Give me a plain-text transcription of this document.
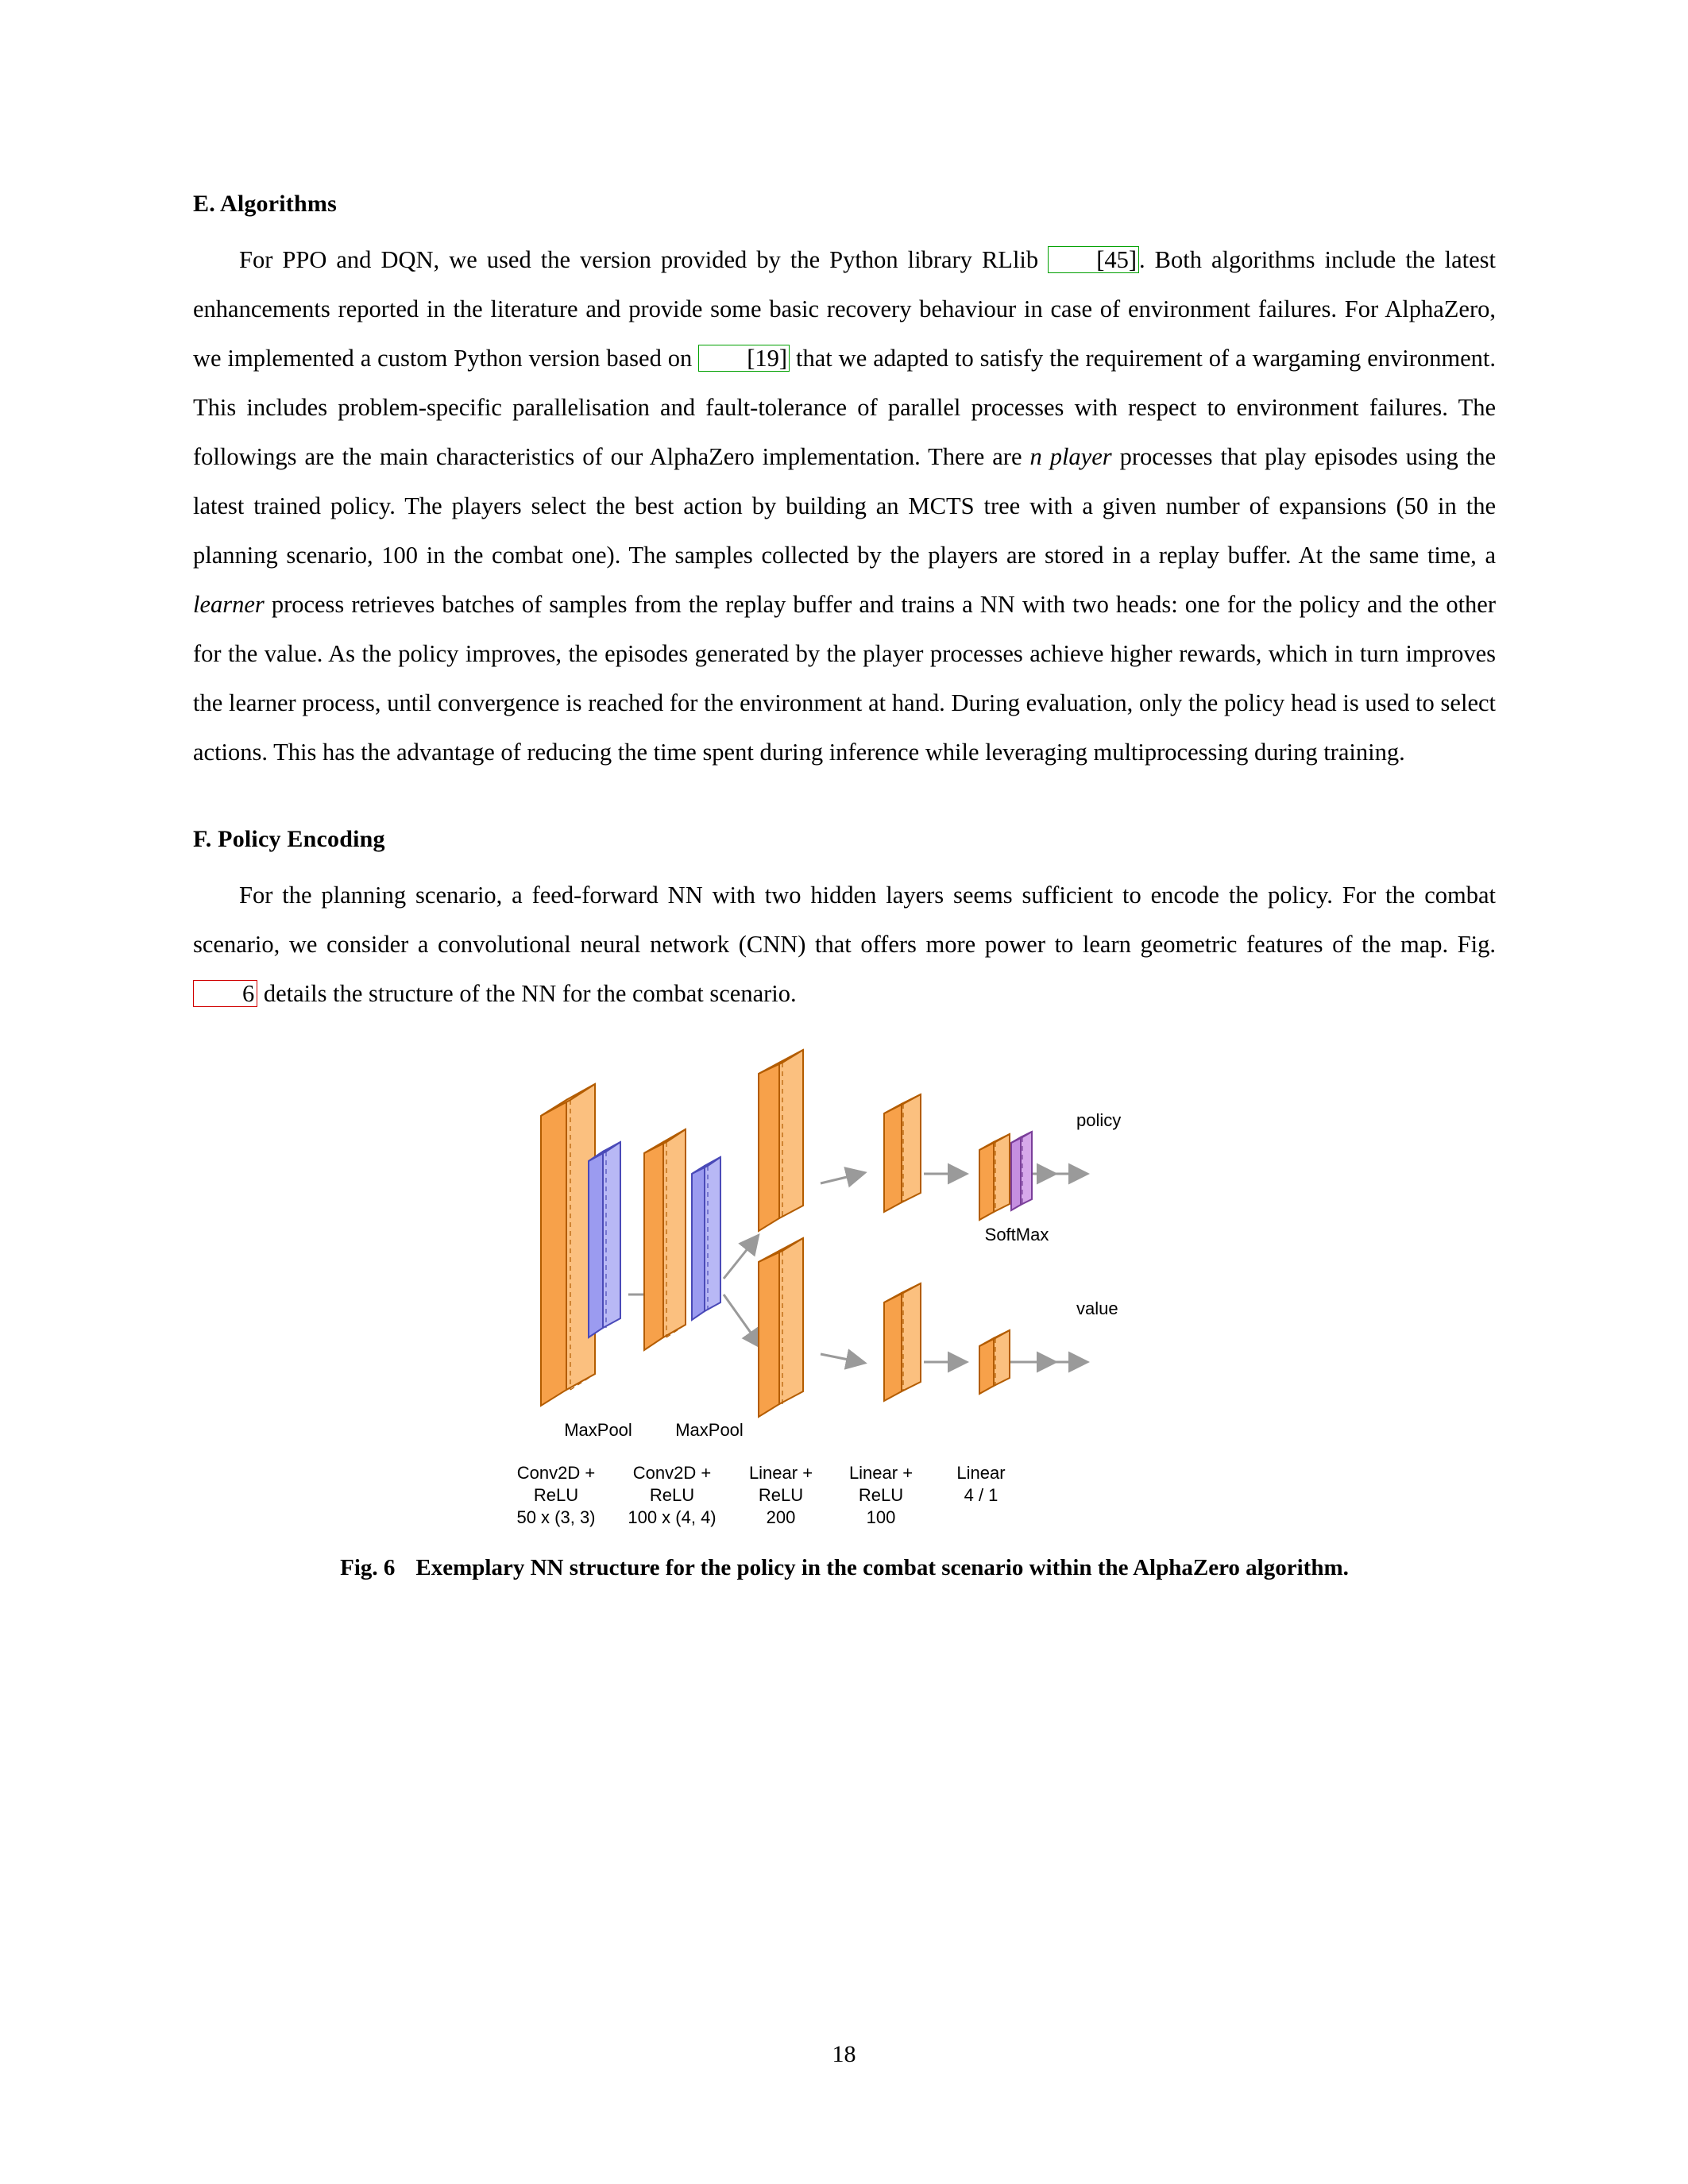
E. Algorithms

For PPO and DQN, we used the version provided by the Python library RLlib [45]. Both algorithms include the latest enhancements reported in the literature and provide some basic recovery behaviour in case of environment failures. For AlphaZero, we implemented a custom Python version based on [19] that we adapted to satisfy the requirement of a wargaming environment. This includes problem-specific parallelisation and fault-tolerance of parallel processes with respect to environment failures. The followings are the main characteristics of our AlphaZero implementation. There are n player processes that play episodes using the latest trained policy. The players select the best action by building an MCTS tree with a given number of expansions (50 in the planning scenario, 100 in the combat one). The samples collected by the players are stored in a replay buffer. At the same time, a learner process retrieves batches of samples from the replay buffer and trains a NN with two heads: one for the policy and the other for the value. As the policy improves, the episodes generated by the player processes achieve higher rewards, which in turn improves the learner process, until convergence is reached for the environment at hand. During evaluation, only the policy head is used to select actions. This has the advantage of reducing the time spent during inference while leveraging multiprocessing during training.

F. Policy Encoding

For the planning scenario, a feed-forward NN with two hidden layers seems sufficient to encode the policy. For the combat scenario, we consider a convolutional neural network (CNN) that offers more power to learn geometric features of the map. Fig. 6 details the structure of the NN for the combat scenario.

policy
value
SoftMax
MaxPool MaxPool
Conv2D +
ReLU
50 x (3, 3)
Conv2D +
ReLU
100 x (4, 4)
Linear +
ReLU
200
Linear +
ReLU
100
Linear
4 / 1
Fig. 6 Exemplary NN structure for the policy in the combat scenario within the AlphaZero algorithm.
18
